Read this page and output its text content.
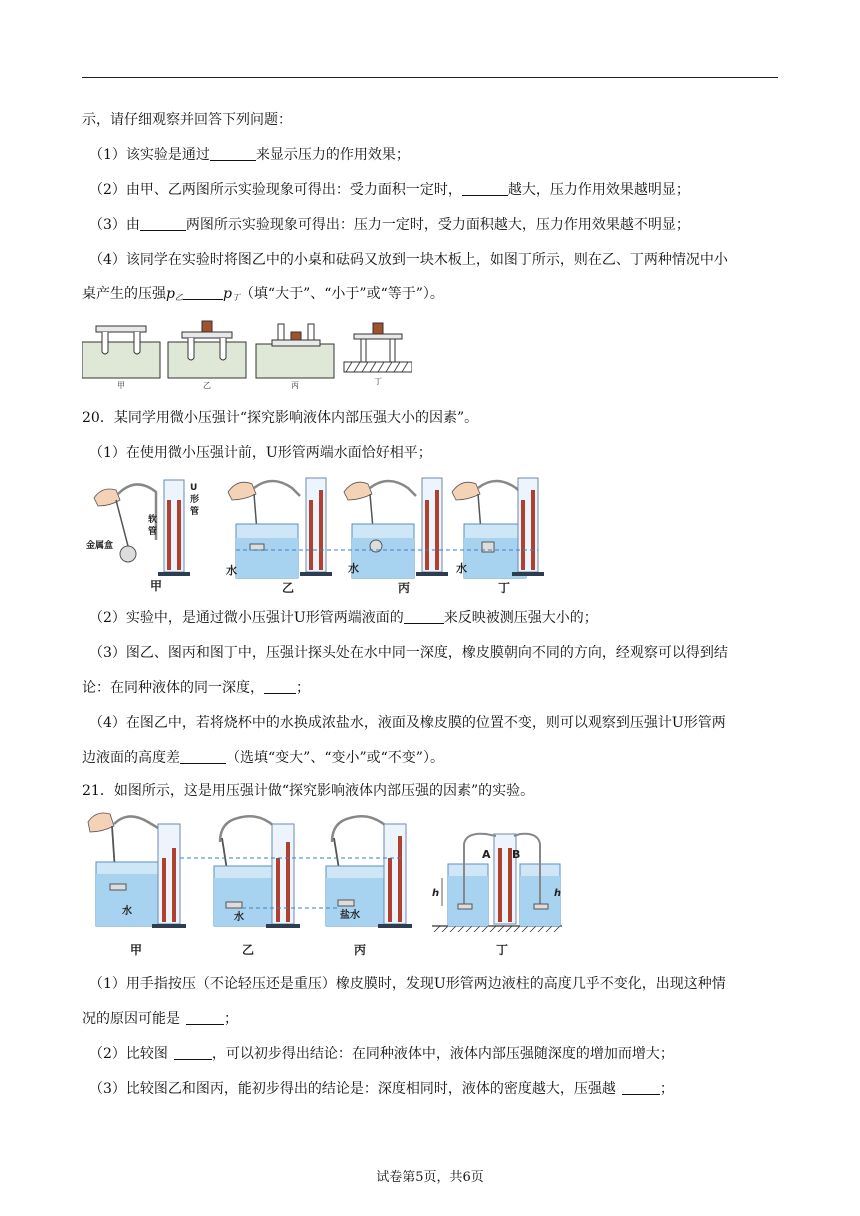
示，请仔细观察并回答下列问题：
（1）该实验是通过	来显示压力的作用效果；
（2）由甲、乙两图所示实验现象可得出：受力面积一定时，	越大，压力作用效果越明显；
（3）由	两图所示实验现象可得出：压力一定时，受力面积越大，压力作用效果越不明显；
（4）该同学在实验时将图乙中的小桌和砝码又放到一块木板上，如图丁所示，则在乙、丁两种情况中小
桌产生的压强$p_乙$	$p_丁$（填“大于”、“小于”或“等于”）。
甲	乙	丙	丁
20．某同学用微小压强计“探究影响液体内部压强大小的因素”。
（1）在使用微小压强计前，U形管两端水面恰好相平；
U
形
管
软
管
金属盒
甲
水
乙
水
丙
水
丁
（2）实验中，是通过微小压强计U形管两端液面的	来反映被测压强大小的；
（3）图乙、图丙和图丁中，压强计探头处在水中同一深度，橡皮膜朝向不同的方向，经观察可以得到结
论：在同种液体的同一深度， ；
（4）在图乙中，若将烧杯中的水换成浓盐水，液面及橡皮膜的位置不变，则可以观察到压强计U形管两
边液面的高度差	（选填“变大”、“变小”或“不变”）。
21．如图所示，这是用压强计做“探究影响液体内部压强的因素”的实验。
水
甲
水
乙
盐水
丙
A B
h	h
丁
（1）用手指按压（不论轻压还是重压）橡皮膜时，发现U形管两边液柱的高度几乎不变化，出现这种情
况的原因可能是	；
（2）比较图	，可以初步得出结论：在同种液体中，液体内部压强随深度的增加而增大；
（3）比较图乙和图丙，能初步得出的结论是：深度相同时，液体的密度越大，压强越	；
试卷第5页，共6页
